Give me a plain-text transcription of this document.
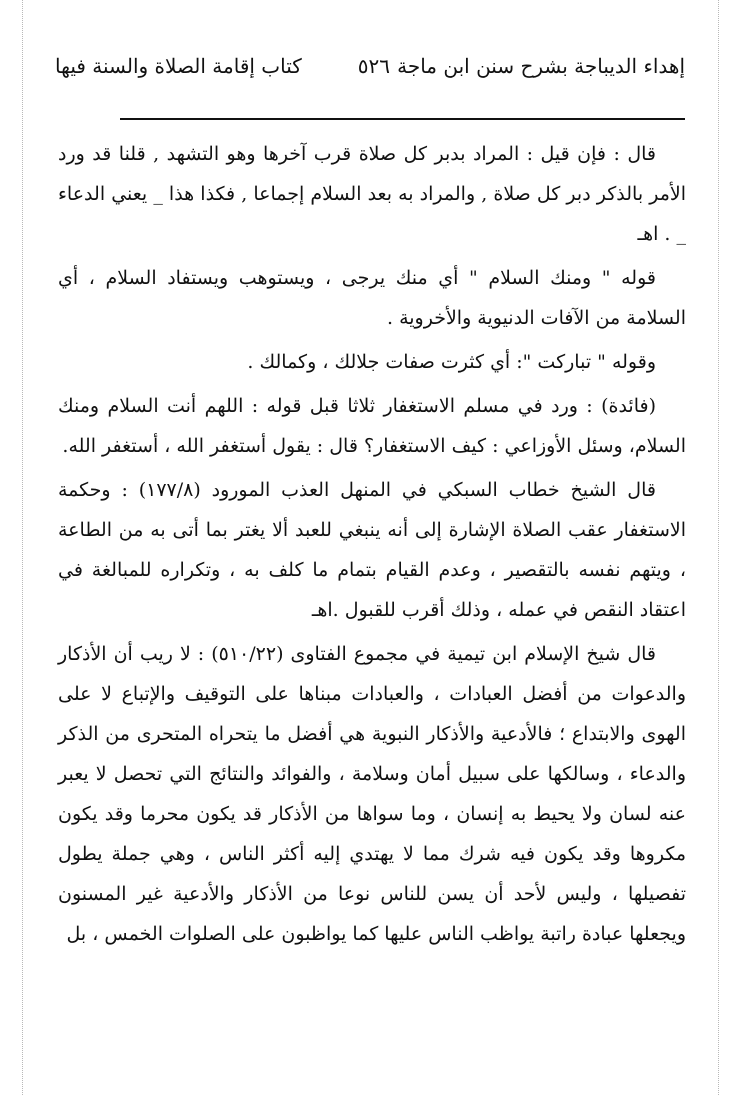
إهداء الديباجة بشرح سنن ابن ماجة
٥٢٦
كتاب إقامة الصلاة والسنة فيها

قال : فإن قيل : المراد بدبر كل صلاة قرب آخرها وهو التشهد , قلنا قد ورد الأمر بالذكر دبر كل صلاة , والمراد به بعد السلام إجماعا , فكذا هذا _ يعني الدعاء _ . اهـ

قوله " ومنك السلام " أي منك يرجى ، ويستوهب ويستفاد السلام ، أي السلامة من الآفات الدنيوية والأخروية .

وقوله " تباركت ": أي كثرت صفات جلالك ، وكمالك .

(فائدة) : ورد في مسلم الاستغفار ثلاثا قبل قوله : اللهم أنت السلام ومنك السلام، وسئل الأوزاعي : كيف الاستغفار؟ قال : يقول أستغفر الله ، أستغفر الله.

قال الشيخ خطاب السبكي في المنهل العذب المورود (١٧٧/٨) : وحكمة الاستغفار عقب الصلاة الإشارة إلى أنه ينبغي للعبد ألا يغتر بما أتى به من الطاعة ، ويتهم نفسه بالتقصير ، وعدم القيام بتمام ما كلف به ، وتكراره للمبالغة في اعتقاد النقص في عمله ، وذلك أقرب للقبول .اهـ

قال شيخ الإسلام ابن تيمية في مجموع الفتاوى (٥١٠/٢٢) : لا ريب أن الأذكار والدعوات من أفضل العبادات ، والعبادات مبناها على التوقيف والإتباع لا على الهوى والابتداع ؛ فالأدعية والأذكار النبوية هي أفضل ما يتحراه المتحرى من الذكر والدعاء ، وسالكها على سبيل أمان وسلامة ، والفوائد والنتائج التي تحصل لا يعبر عنه لسان ولا يحيط به إنسان ، وما سواها من الأذكار قد يكون محرما وقد يكون مكروها وقد يكون فيه شرك مما لا يهتدي إليه أكثر الناس ، وهي جملة يطول تفصيلها ، وليس لأحد أن يسن للناس نوعا من الأذكار والأدعية غير المسنون ويجعلها عبادة راتبة يواظب الناس عليها كما يواظبون على الصلوات الخمس ، بل
